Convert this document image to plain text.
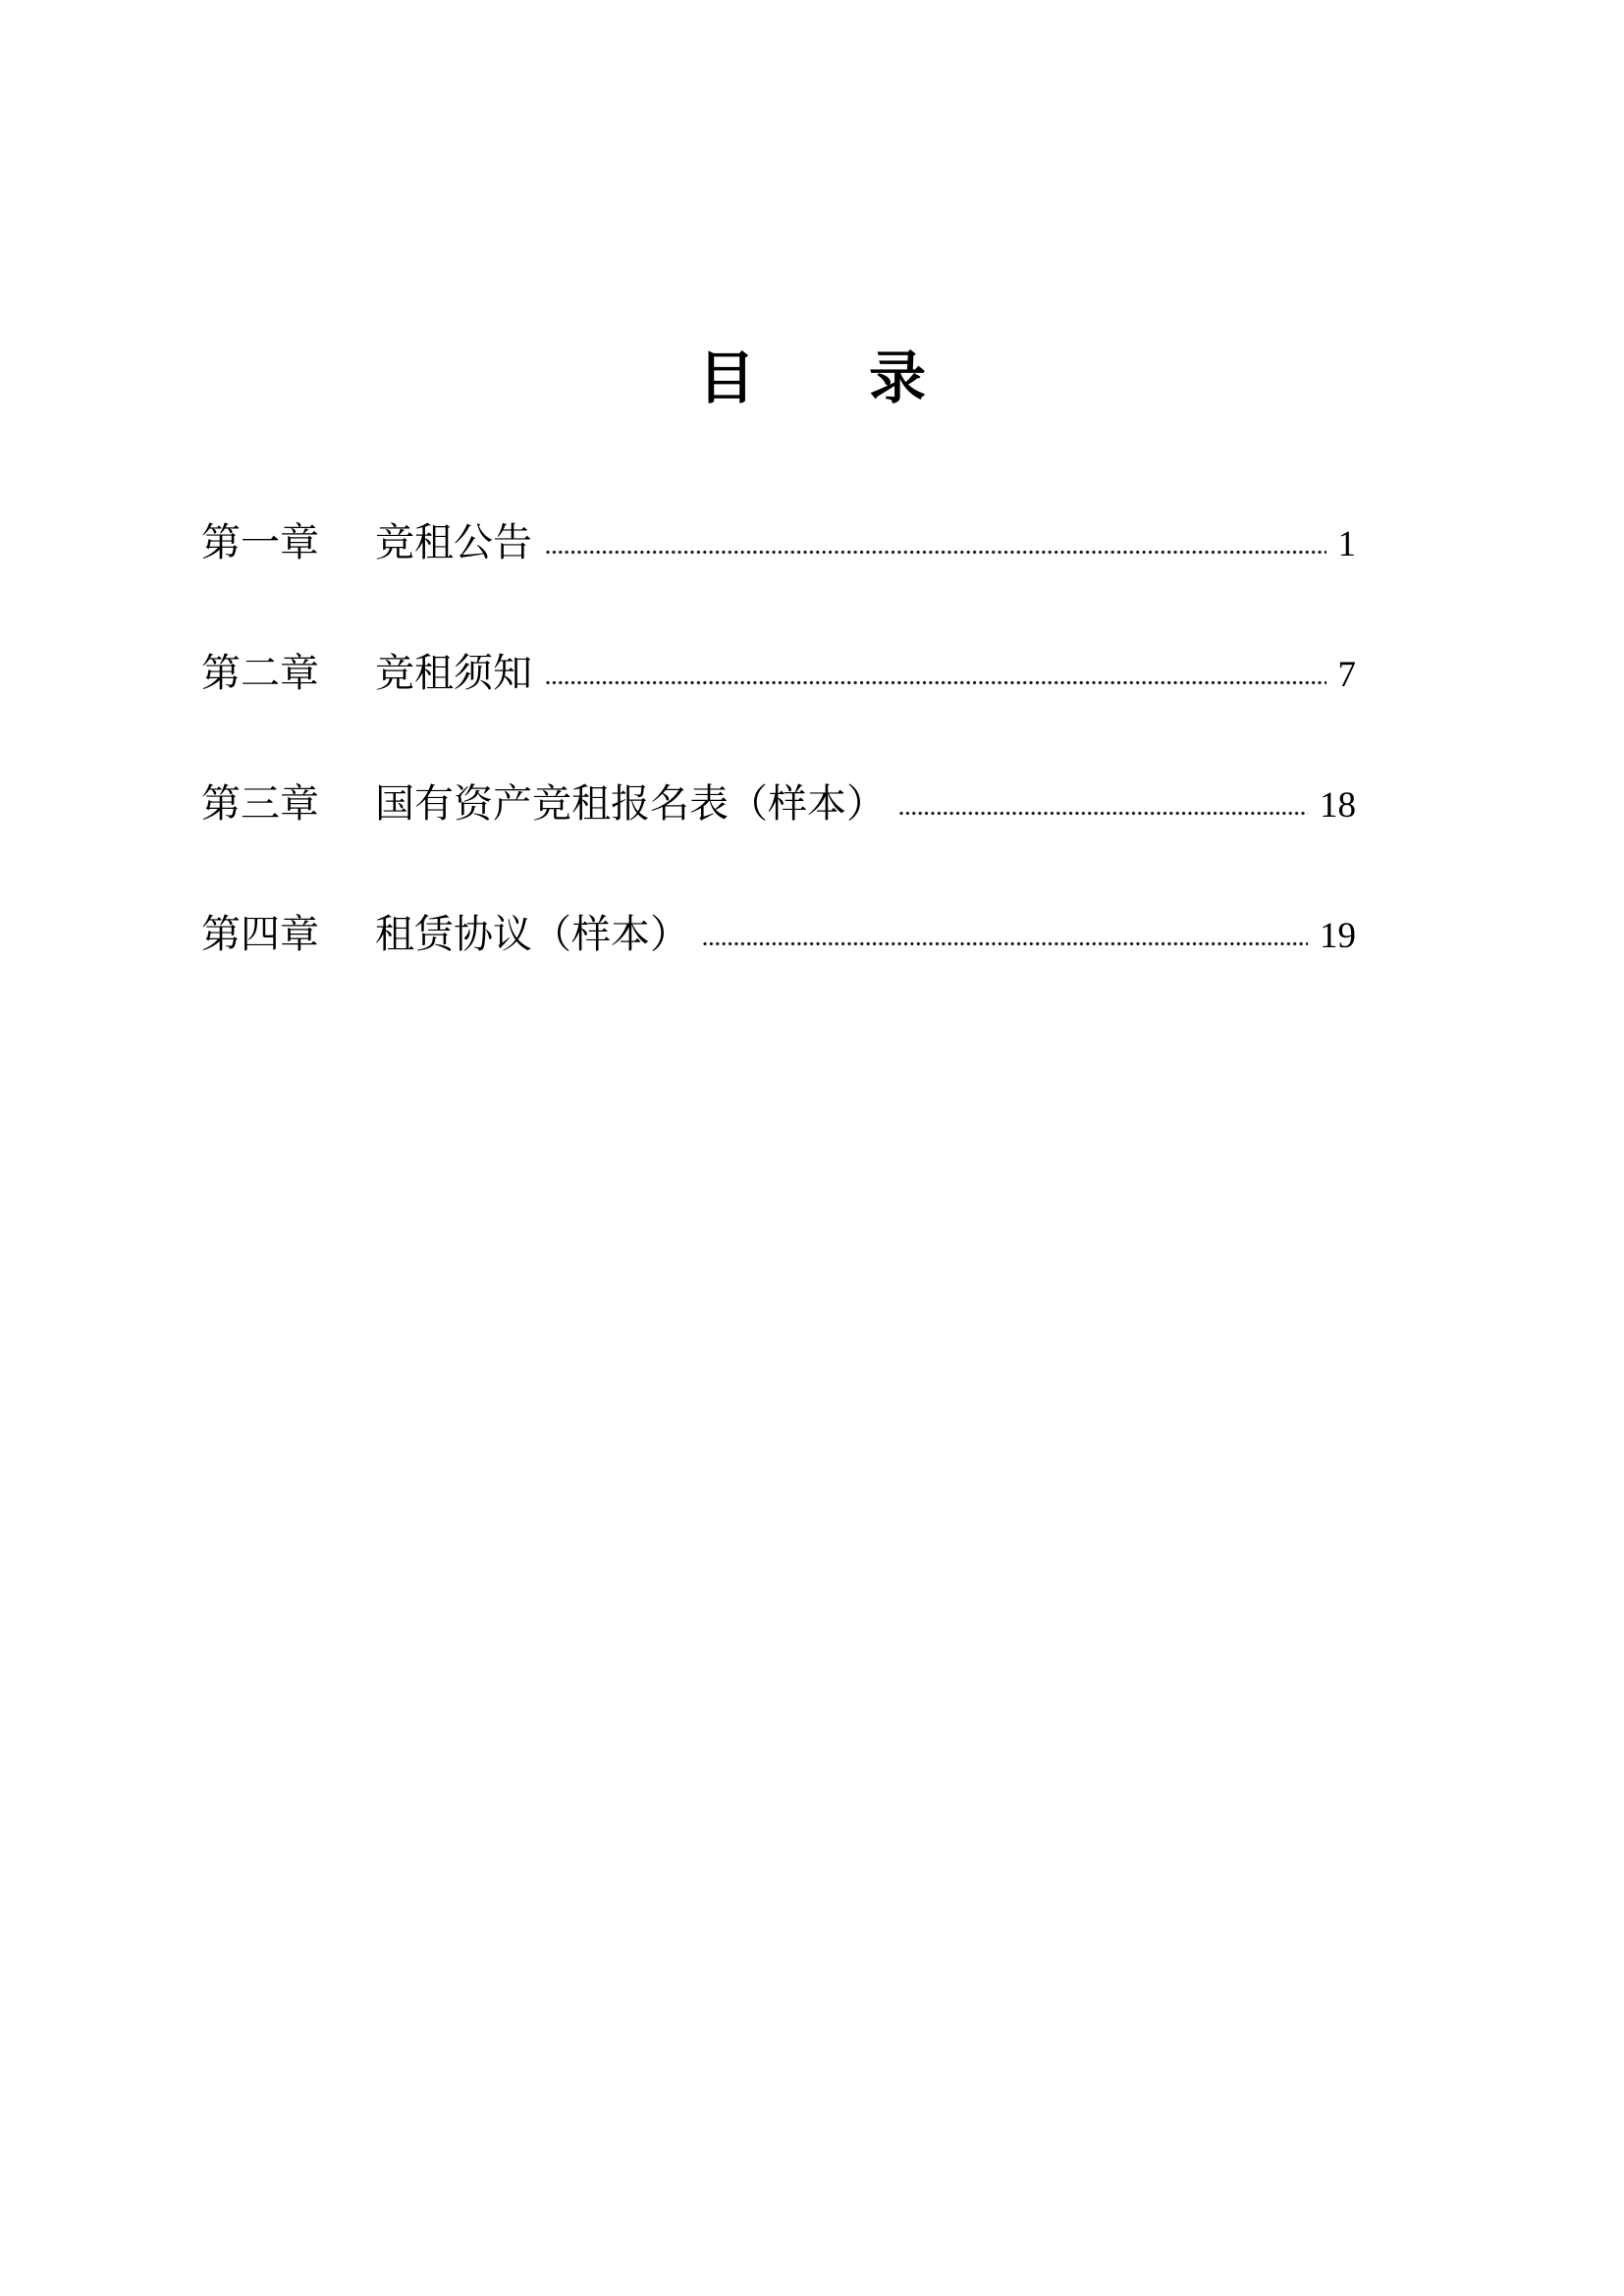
目　　录
第一章 竞租公告	1
第二章 竞租须知	7
第三章 国有资产竞租报名表（样本）	18
第四章 租赁协议（样本）	19
